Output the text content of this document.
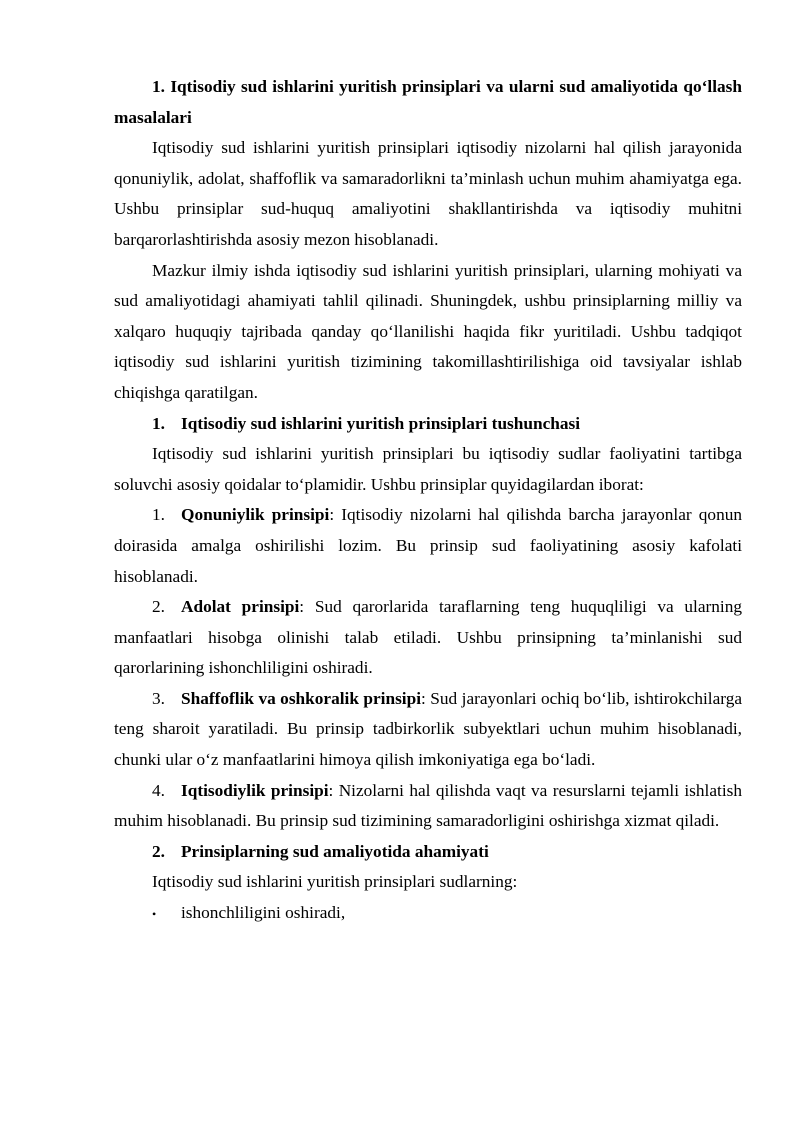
1. Iqtisodiy sud ishlarini yuritish prinsiplari va ularni sud amaliyotida qo‘llash masalalari

Iqtisodiy sud ishlarini yuritish prinsiplari iqtisodiy nizolarni hal qilish jarayonida qonuniylik, adolat, shaffoflik va samaradorlikni ta’minlash uchun muhim ahamiyatga ega. Ushbu prinsiplar sud-huquq amaliyotini shakllantirishda va iqtisodiy muhitni barqarorlashtirishda asosiy mezon hisoblanadi.

Mazkur ilmiy ishda iqtisodiy sud ishlarini yuritish prinsiplari, ularning mohiyati va sud amaliyotidagi ahamiyati tahlil qilinadi. Shuningdek, ushbu prinsiplarning milliy va xalqaro huquqiy tajribada qanday qo‘llanilishi haqida fikr yuritiladi. Ushbu tadqiqot iqtisodiy sud ishlarini yuritish tizimining takomillashtirilishiga oid tavsiyalar ishlab chiqishga qaratilgan.

1. Iqtisodiy sud ishlarini yuritish prinsiplari tushunchasi

Iqtisodiy sud ishlarini yuritish prinsiplari bu iqtisodiy sudlar faoliyatini tartibga soluvchi asosiy qoidalar to‘plamidir. Ushbu prinsiplar quyidagilardan iborat:

1. Qonuniylik prinsipi: Iqtisodiy nizolarni hal qilishda barcha jarayonlar qonun doirasida amalga oshirilishi lozim. Bu prinsip sud faoliyatining asosiy kafolati hisoblanadi.

2. Adolat prinsipi: Sud qarorlarida taraflarning teng huquqliligi va ularning manfaatlari hisobga olinishi talab etiladi. Ushbu prinsipning ta’minlanishi sud qarorlarining ishonchliligini oshiradi.

3. Shaffoflik va oshkoralik prinsipi: Sud jarayonlari ochiq bo‘lib, ishtirokchilarga teng sharoit yaratiladi. Bu prinsip tadbirkorlik subyektlari uchun muhim hisoblanadi, chunki ular o‘z manfaatlarini himoya qilish imkoniyatiga ega bo‘ladi.

4. Iqtisodiylik prinsipi: Nizolarni hal qilishda vaqt va resurslarni tejamli ishlatish muhim hisoblanadi. Bu prinsip sud tizimining samaradorligini oshirishga xizmat qiladi.

2. Prinsiplarning sud amaliyotida ahamiyati

Iqtisodiy sud ishlarini yuritish prinsiplari sudlarning:

• ishonchliligini oshiradi,
